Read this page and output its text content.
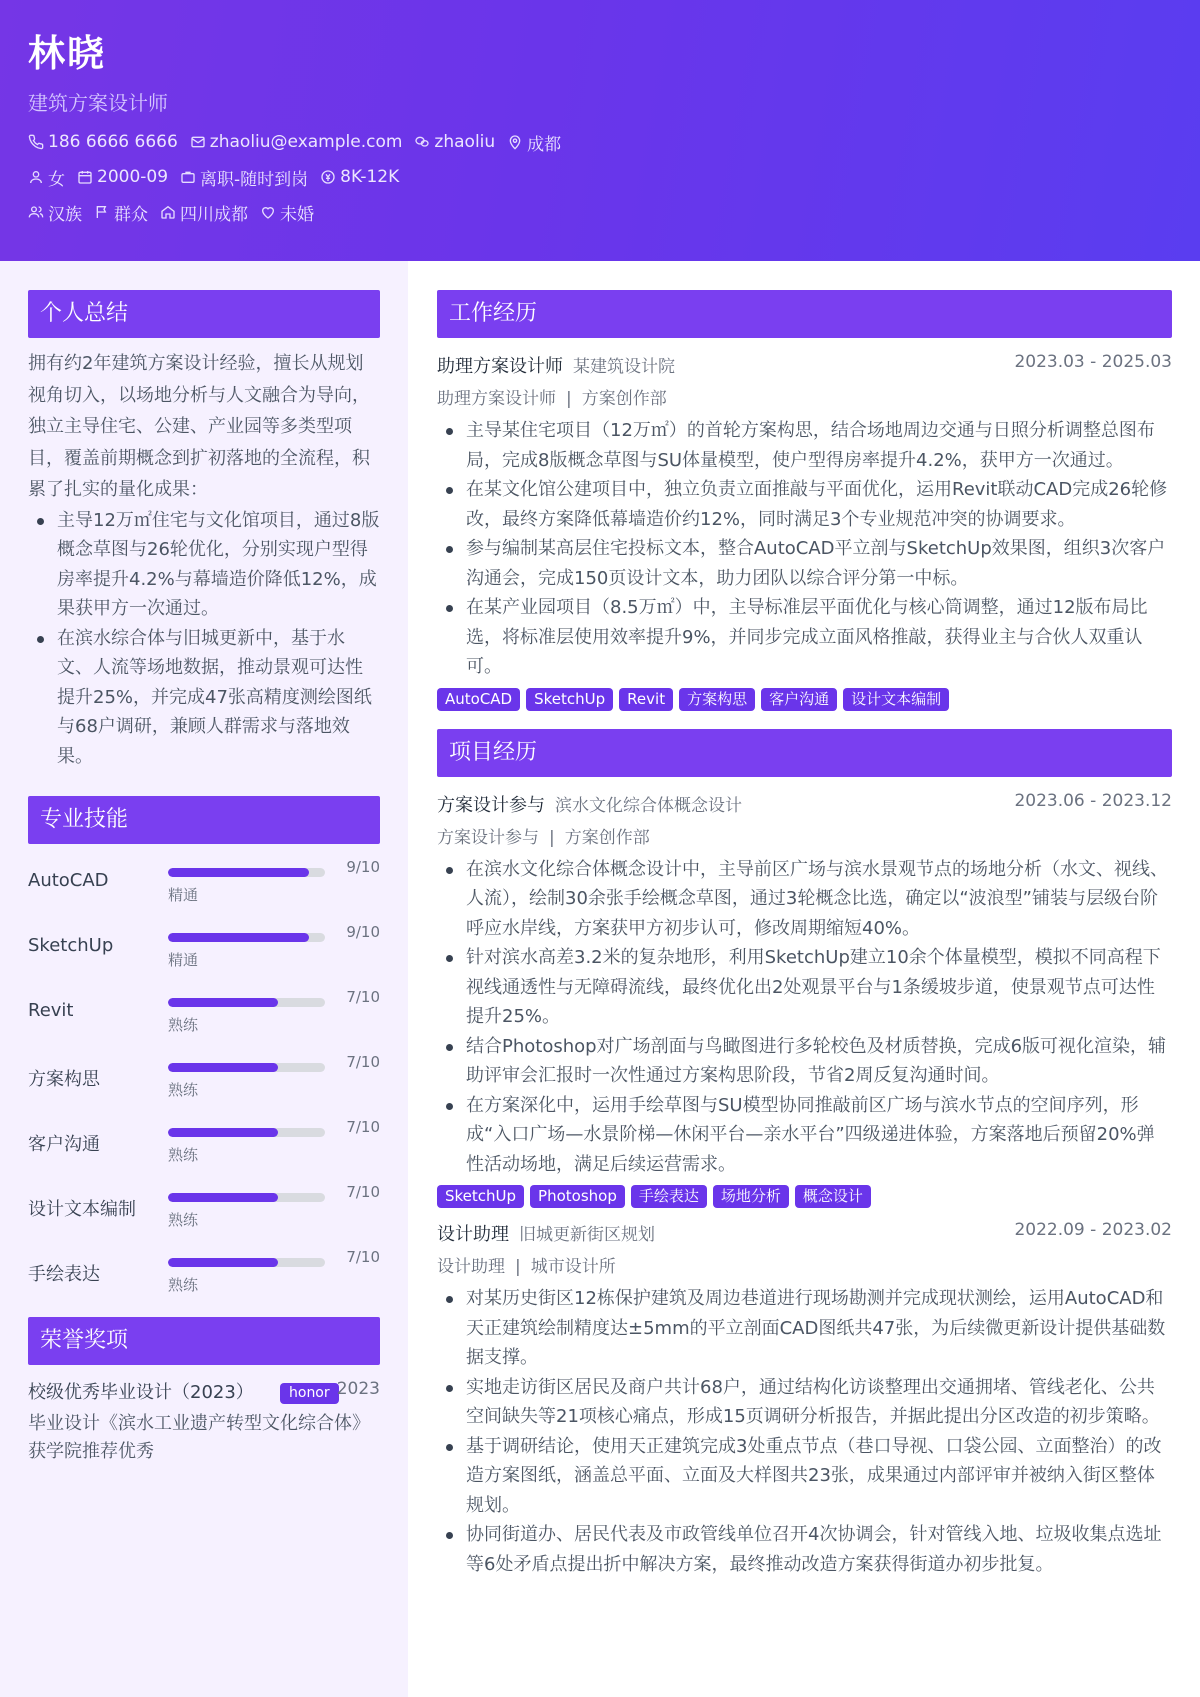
林晓
建筑方案设计师
186 6666 6666 zhaoliu@example.com zhaoliu 成都
女 2000-09 离职-随时到岗 8K-12K
汉族 群众 四川成都 未婚
个人总结
拥有约2年建筑方案设计经验，擅长从规划视角切入，以场地分析与人文融合为导向，独立主导住宅、公建、产业园等多类型项目，覆盖前期概念到扩初落地的全流程，积累了扎实的量化成果：
主导12万㎡住宅与文化馆项目，通过8版概念草图与26轮优化，分别实现户型得房率提升4.2%与幕墙造价降低12%，成果获甲方一次通过。
在滨水综合体与旧城更新中，基于水文、人流等场地数据，推动景观可达性提升25%，并完成47张高精度测绘图纸与68户调研，兼顾人群需求与落地效果。
专业技能
AutoCAD
9/10
精通
SketchUp
9/10
精通
Revit
7/10
熟练
方案构思
7/10
熟练
客户沟通
7/10
熟练
设计文本编制
7/10
熟练
手绘表达
7/10
熟练
荣誉奖项
校级优秀毕业设计（2023）	honor 2023
毕业设计《滨水工业遗产转型文化综合体》获学院推荐优秀
工作经历
助理方案设计师 某建筑设计院	2023.03 - 2025.03
助理方案设计师 | 方案创作部
主导某住宅项目（12万㎡）的首轮方案构思，结合场地周边交通与日照分析调整总图布局，完成8版概念草图与SU体量模型，使户型得房率提升4.2%，获甲方一次通过。
在某文化馆公建项目中，独立负责立面推敲与平面优化，运用Revit联动CAD完成26轮修改，最终方案降低幕墙造价约12%，同时满足3个专业规范冲突的协调要求。
参与编制某高层住宅投标文本，整合AutoCAD平立剖与SketchUp效果图，组织3次客户沟通会，完成150页设计文本，助力团队以综合评分第一中标。
在某产业园项目（8.5万㎡）中，主导标准层平面优化与核心筒调整，通过12版布局比选，将标准层使用效率提升9%，并同步完成立面风格推敲，获得业主与合伙人双重认可。
AutoCAD	SketchUp	Revit	方案构思	客户沟通	设计文本编制
项目经历
方案设计参与 滨水文化综合体概念设计	2023.06 - 2023.12
方案设计参与 | 方案创作部
在滨水文化综合体概念设计中，主导前区广场与滨水景观节点的场地分析（水文、视线、人流），绘制30余张手绘概念草图，通过3轮概念比选，确定以“波浪型”铺装与层级台阶呼应水岸线，方案获甲方初步认可，修改周期缩短40%。
针对滨水高差3.2米的复杂地形，利用SketchUp建立10余个体量模型，模拟不同高程下视线通透性与无障碍流线，最终优化出2处观景平台与1条缓坡步道，使景观节点可达性提升25%。
结合Photoshop对广场剖面与鸟瞰图进行多轮校色及材质替换，完成6版可视化渲染，辅助评审会汇报时一次性通过方案构思阶段，节省2周反复沟通时间。
在方案深化中，运用手绘草图与SU模型协同推敲前区广场与滨水节点的空间序列，形成“入口广场—水景阶梯—休闲平台—亲水平台”四级递进体验，方案落地后预留20%弹性活动场地，满足后续运营需求。
SketchUp	Photoshop	手绘表达	场地分析	概念设计
设计助理 旧城更新街区规划	2022.09 - 2023.02
设计助理 | 城市设计所
对某历史街区12栋保护建筑及周边巷道进行现场勘测并完成现状测绘，运用AutoCAD和天正建筑绘制精度达±5mm的平立剖面CAD图纸共47张，为后续微更新设计提供基础数据支撑。
实地走访街区居民及商户共计68户，通过结构化访谈整理出交通拥堵、管线老化、公共空间缺失等21项核心痛点，形成15页调研分析报告，并据此提出分区改造的初步策略。
基于调研结论，使用天正建筑完成3处重点节点（巷口导视、口袋公园、立面整治）的改造方案图纸，涵盖总平面、立面及大样图共23张，成果通过内部评审并被纳入街区整体规划。
协同街道办、居民代表及市政管线单位召开4次协调会，针对管线入地、垃圾收集点选址等6处矛盾点提出折中解决方案，最终推动改造方案获得街道办初步批复。
